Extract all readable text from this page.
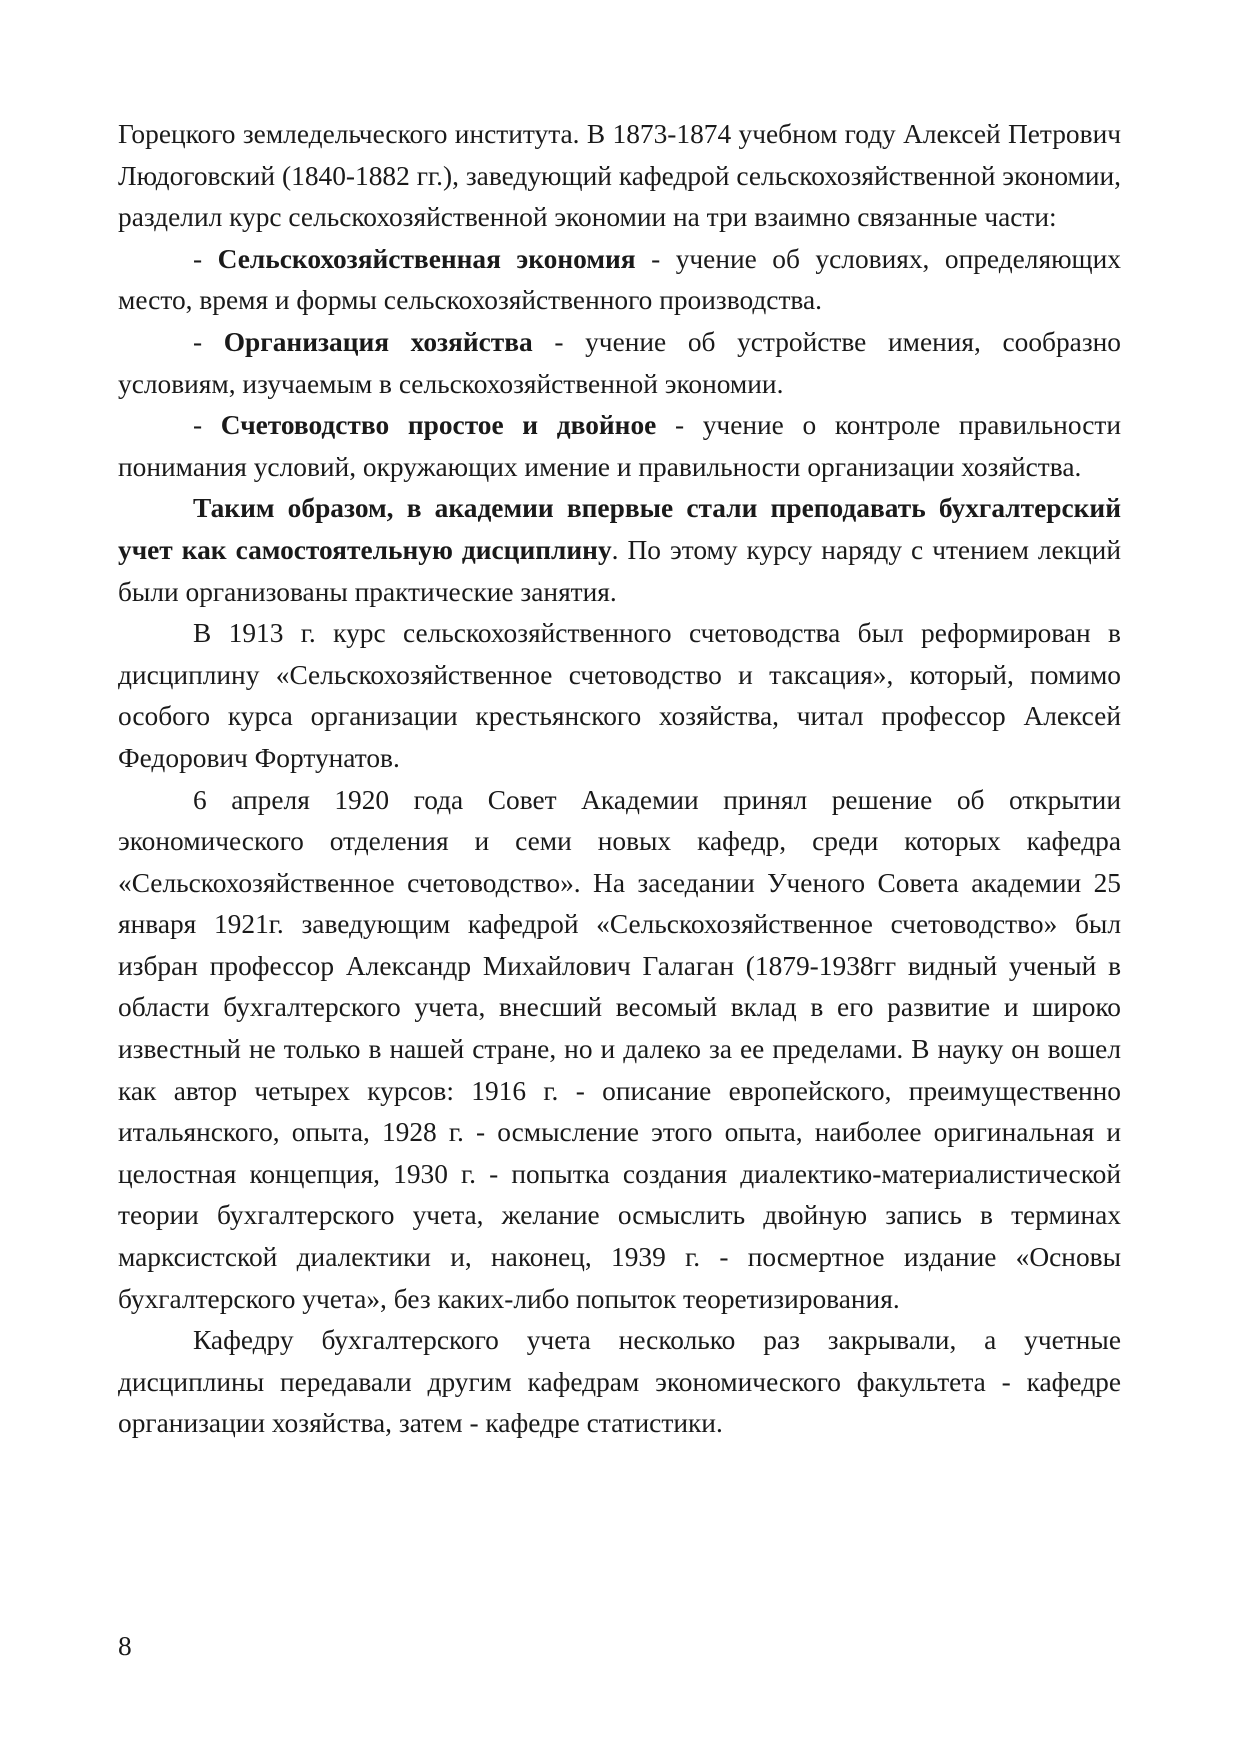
Горецкого земледельческого института. В 1873-1874 учебном году Алексей Петрович Людоговский (1840-1882 гг.), заведующий кафедрой сельскохозяйственной экономии, разделил курс сельскохозяйственной экономии на три взаимно связанные части:

- Сельскохозяйственная экономия - учение об условиях, определяющих место, время и формы сельскохозяйственного производства.

- Организация хозяйства - учение об устройстве имения, сообразно условиям, изучаемым в сельскохозяйственной экономии.

- Счетоводство простое и двойное - учение о контроле правильности понимания условий, окружающих имение и правильности организации хозяйства.

Таким образом, в академии впервые стали преподавать бухгалтерский учет как самостоятельную дисциплину. По этому курсу наряду с чтением лекций были организованы практические занятия.

В 1913 г. курс сельскохозяйственного счетоводства был реформирован в дисциплину «Сельскохозяйственное счетоводство и таксация», который, помимо особого курса организации крестьянского хозяйства, читал профессор Алексей Федорович Фортунатов.

6 апреля 1920 года Совет Академии принял решение об открытии экономического отделения и семи новых кафедр, среди которых кафедра «Сельскохозяйственное счетоводство». На заседании Ученого Совета академии 25 января 1921г. заведующим кафедрой «Сельскохозяйственное счетоводство» был избран профессор Александр Михайлович Галаган (1879-1938гг видный ученый в области бухгалтерского учета, внесший весомый вклад в его развитие и широко известный не только в нашей стране, но и далеко за ее пределами. В науку он вошел как автор четырех курсов: 1916 г. - описание европейского, преимущественно итальянского, опыта, 1928 г. - осмысление этого опыта, наиболее оригинальная и целостная концепция, 1930 г. - попытка создания диалектико-материалистической теории бухгалтерского учета, желание осмыслить двойную запись в терминах марксистской диалектики и, наконец, 1939 г. - посмертное издание «Основы бухгалтерского учета», без каких-либо попыток теоретизирования.

Кафедру бухгалтерского учета несколько раз закрывали, а учетные дисциплины передавали другим кафедрам экономического факультета - кафедре организации хозяйства, затем - кафедре статистики.

8
